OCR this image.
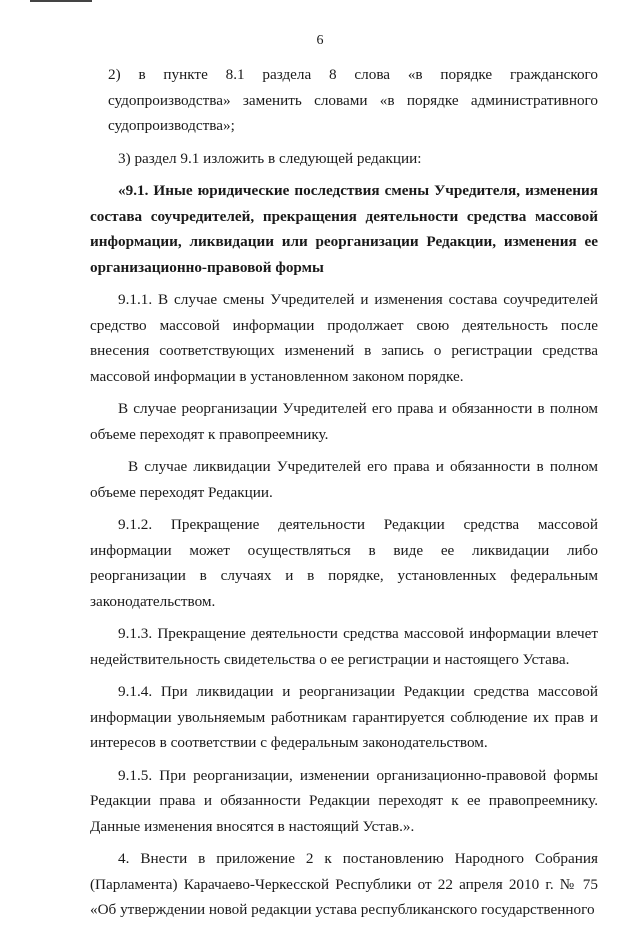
6

2) в пункте 8.1 раздела 8 слова «в порядке гражданского судопроизводства» заменить словами «в порядке административного судопроизводства»;

3) раздел 9.1 изложить в следующей редакции:

«9.1. Иные юридические последствия смены Учредителя, изменения состава соучредителей, прекращения деятельности средства массовой информации, ликвидации или реорганизации Редакции, изменения ее организационно-правовой формы

9.1.1. В случае смены Учредителей и изменения состава соучредителей средство массовой информации продолжает свою деятельность после внесения соответствующих изменений в запись о регистрации средства массовой информации в установленном законом порядке.

В случае реорганизации Учредителей его права и обязанности в полном объеме переходят к правопреемнику.

В случае ликвидации Учредителей его права и обязанности в полном объеме переходят Редакции.

9.1.2. Прекращение деятельности Редакции средства массовой информации может осуществляться в виде ее ликвидации либо реорганизации в случаях и в порядке, установленных федеральным законодательством.

9.1.3. Прекращение деятельности средства массовой информации влечет недействительность свидетельства о ее регистрации и настоящего Устава.

9.1.4. При ликвидации и реорганизации Редакции средства массовой информации увольняемым работникам гарантируется соблюдение их прав и интересов в соответствии с федеральным законодательством.

9.1.5. При реорганизации, изменении организационно-правовой формы Редакции права и обязанности Редакции переходят к ее правопреемнику. Данные изменения вносятся в настоящий Устав.».

4. Внести в приложение 2 к постановлению Народного Собрания (Парламента) Карачаево-Черкесской Республики от 22 апреля 2010 г. № 75 «Об утверждении новой редакции устава республиканского государственного
